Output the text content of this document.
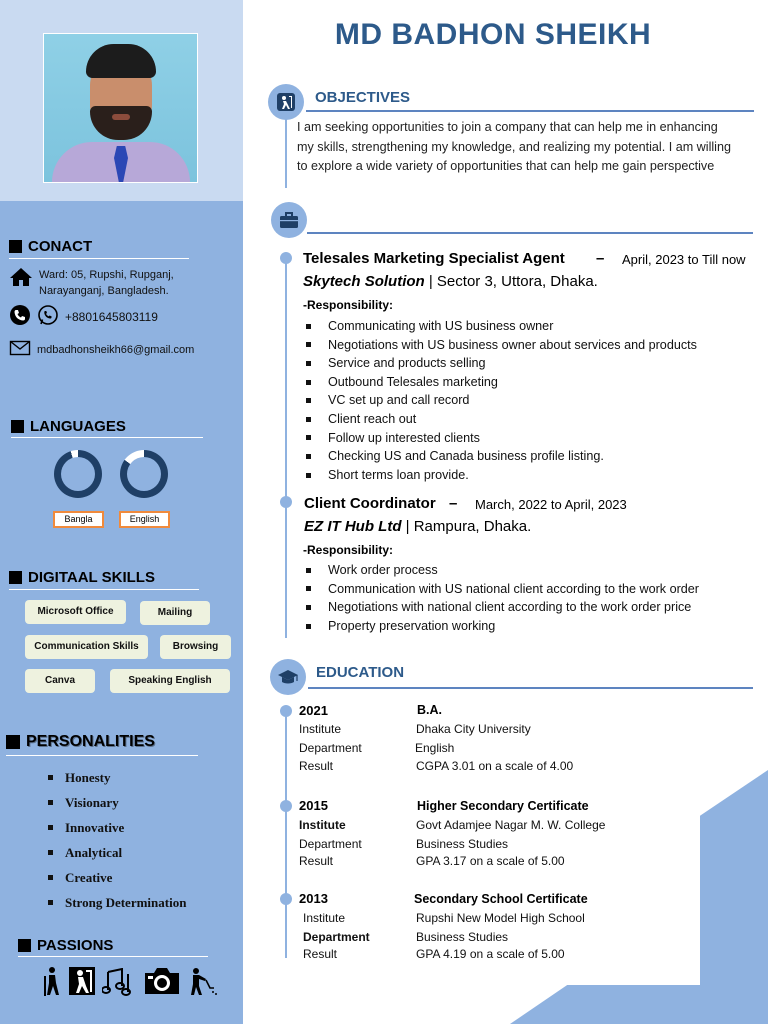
CONACT
Ward: 05, Rupshi, Rupganj,
Narayanganj, Bangladesh.
+8801645803119
mdbadhonsheikh66@gmail.com
LANGUAGES
Bangla	English
DIGITAAL SKILLS
Microsoft Office	Mailing
Communication Skills	Browsing
Canva	Speaking English
PERSONALITIES
Honesty
Visionary
Innovative
Analytical
Creative
Strong Determination
PASSIONS
MD BADHON SHEIKH
OBJECTIVES
I am seeking opportunities to join a company that can help me in enhancing
my skills, strengthening my knowledge, and realizing my potential. I am willing
to explore a wide variety of opportunities that can help me gain perspective
Telesales Marketing Specialist Agent – April, 2023 to Till now
Skytech Solution | Sector 3, Uttora, Dhaka.
-Responsibility:
Communicating with US business owner
Negotiations with US business owner about services and products
Service and products selling
Outbound Telesales marketing
VC set up and call record
Client reach out
Follow up interested clients
Checking US and Canada business profile listing.
Short terms loan provide.
Client Coordinator – March, 2022 to April, 2023
EZ IT Hub Ltd | Rampura, Dhaka.
-Responsibility:
Work order process
Communication with US national client according to the work order
Negotiations with national client according to the work order price
Property preservation working
EDUCATION
2021	B.A.
Institute	Dhaka City University
Department	English
Result	CGPA 3.01 on a scale of 4.00
2015	Higher Secondary Certificate
Institute	Govt Adamjee Nagar M. W. College
Department	Business Studies
Result	GPA 3.17 on a scale of 5.00
2013	Secondary School Certificate
Institute	Rupshi New Model High School
Department	Business Studies
Result	GPA 4.19 on a scale of 5.00
